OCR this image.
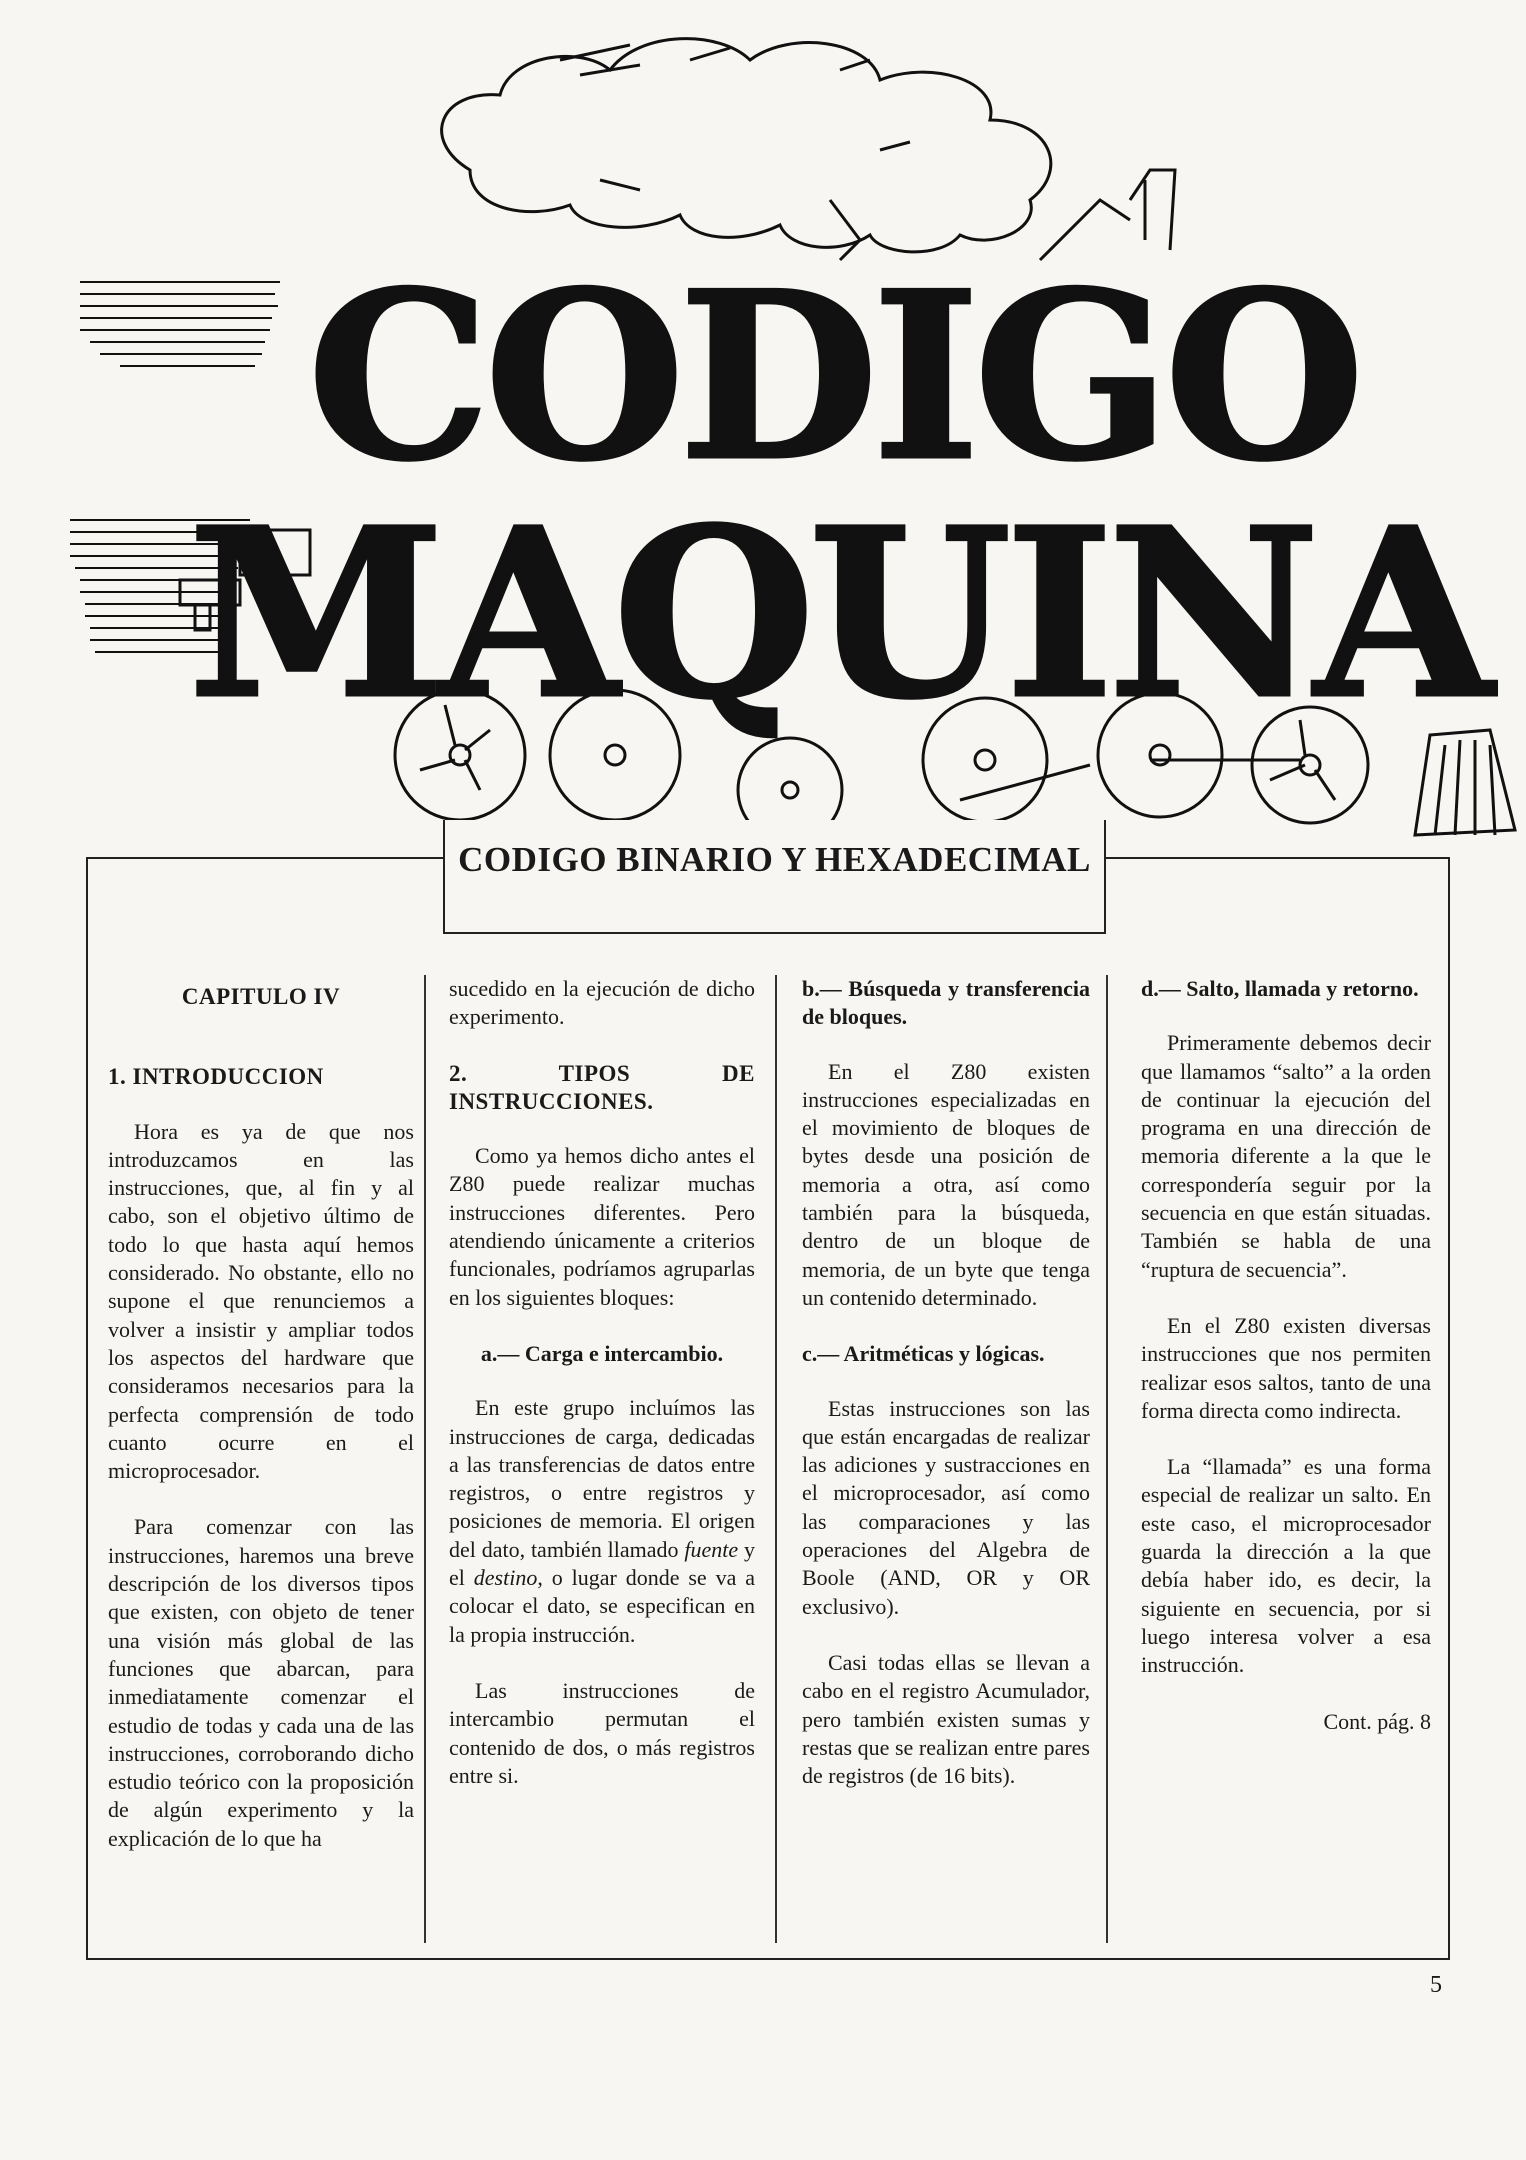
CODIGO
MAQUINA
CODIGO BINARIO Y HEXADECIMAL
CAPITULO IV
1. INTRODUCCION

Hora es ya de que nos introduzcamos en las instrucciones, que, al fin y al cabo, son el objetivo último de todo lo que hasta aquí hemos considerado. No obstante, ello no supone el que renunciemos a volver a insistir y ampliar todos los aspectos del hardware que consideramos necesarios para la perfecta comprensión de todo cuanto ocurre en el microprocesador.

Para comenzar con las instrucciones, haremos una breve descripción de los diversos tipos que existen, con objeto de tener una visión más global de las funciones que abarcan, para inmediatamente comenzar el estudio de todas y cada una de las instrucciones, corroborando dicho estudio teórico con la proposición de algún experimento y la explicación de lo que ha

sucedido en la ejecución de dicho experimento.

2. TIPOS DE INSTRUCCIONES.

Como ya hemos dicho antes el Z80 puede realizar muchas instrucciones diferentes. Pero atendiendo únicamente a criterios funcionales, podríamos agruparlas en los siguientes bloques:

a.— Carga e intercambio.

En este grupo incluímos las instrucciones de carga, dedicadas a las transferencias de datos entre registros, o entre registros y posiciones de memoria. El origen del dato, también llamado fuente y el destino, o lugar donde se va a colocar el dato, se especifican en la propia instrucción.

Las instrucciones de intercambio permutan el contenido de dos, o más registros entre si.

b.— Búsqueda y transferencia de bloques.

En el Z80 existen instrucciones especializadas en el movimiento de bloques de bytes desde una posición de memoria a otra, así como también para la búsqueda, dentro de un bloque de memoria, de un byte que tenga un contenido determinado.

c.— Aritméticas y lógicas.

Estas instrucciones son las que están encargadas de realizar las adiciones y sustracciones en el microprocesador, así como las comparaciones y las operaciones del Algebra de Boole (AND, OR y OR exclusivo).

Casi todas ellas se llevan a cabo en el registro Acumulador, pero también existen sumas y restas que se realizan entre pares de registros (de 16 bits).

d.— Salto, llamada y retorno.

Primeramente debemos decir que llamamos “salto” a la orden de continuar la ejecución del programa en una dirección de memoria diferente a la que le correspondería seguir por la secuencia en que están situadas. También se habla de una “ruptura de secuencia”.

En el Z80 existen diversas instrucciones que nos permiten realizar esos saltos, tanto de una forma directa como indirecta.

La “llamada” es una forma especial de realizar un salto. En este caso, el microprocesador guarda la dirección a la que debía haber ido, es decir, la siguiente en secuencia, por si luego interesa volver a esa instrucción.

Cont. pág. 8
5
